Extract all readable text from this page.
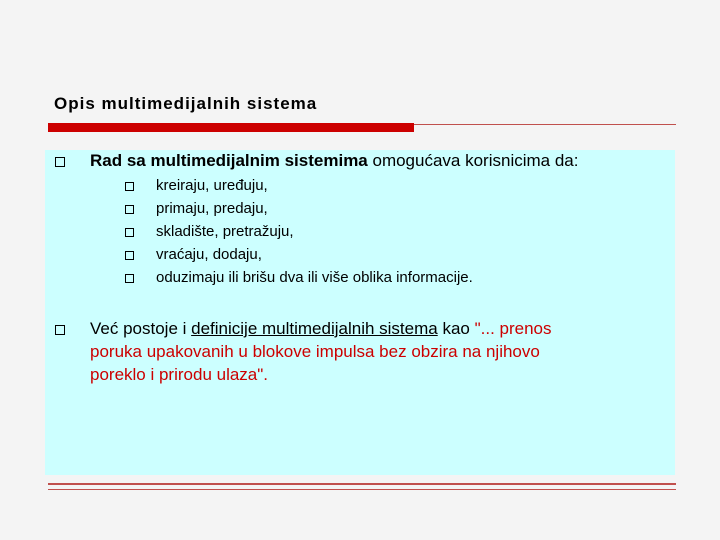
Opis multimedijalnih sistema
Rad sa multimedijalnim sistemima omogućava korisnicima da:
kreiraju, uređuju,
primaju, predaju,
skladište, pretražuju,
vraćaju, dodaju,
oduzimaju ili brišu dva ili više oblika informacije.
Već postoje i definicije multimedijalnih sistema kao "... prenos
poruka upakovanih u blokove impulsa bez obzira na njihovo
poreklo i prirodu ulaza".
